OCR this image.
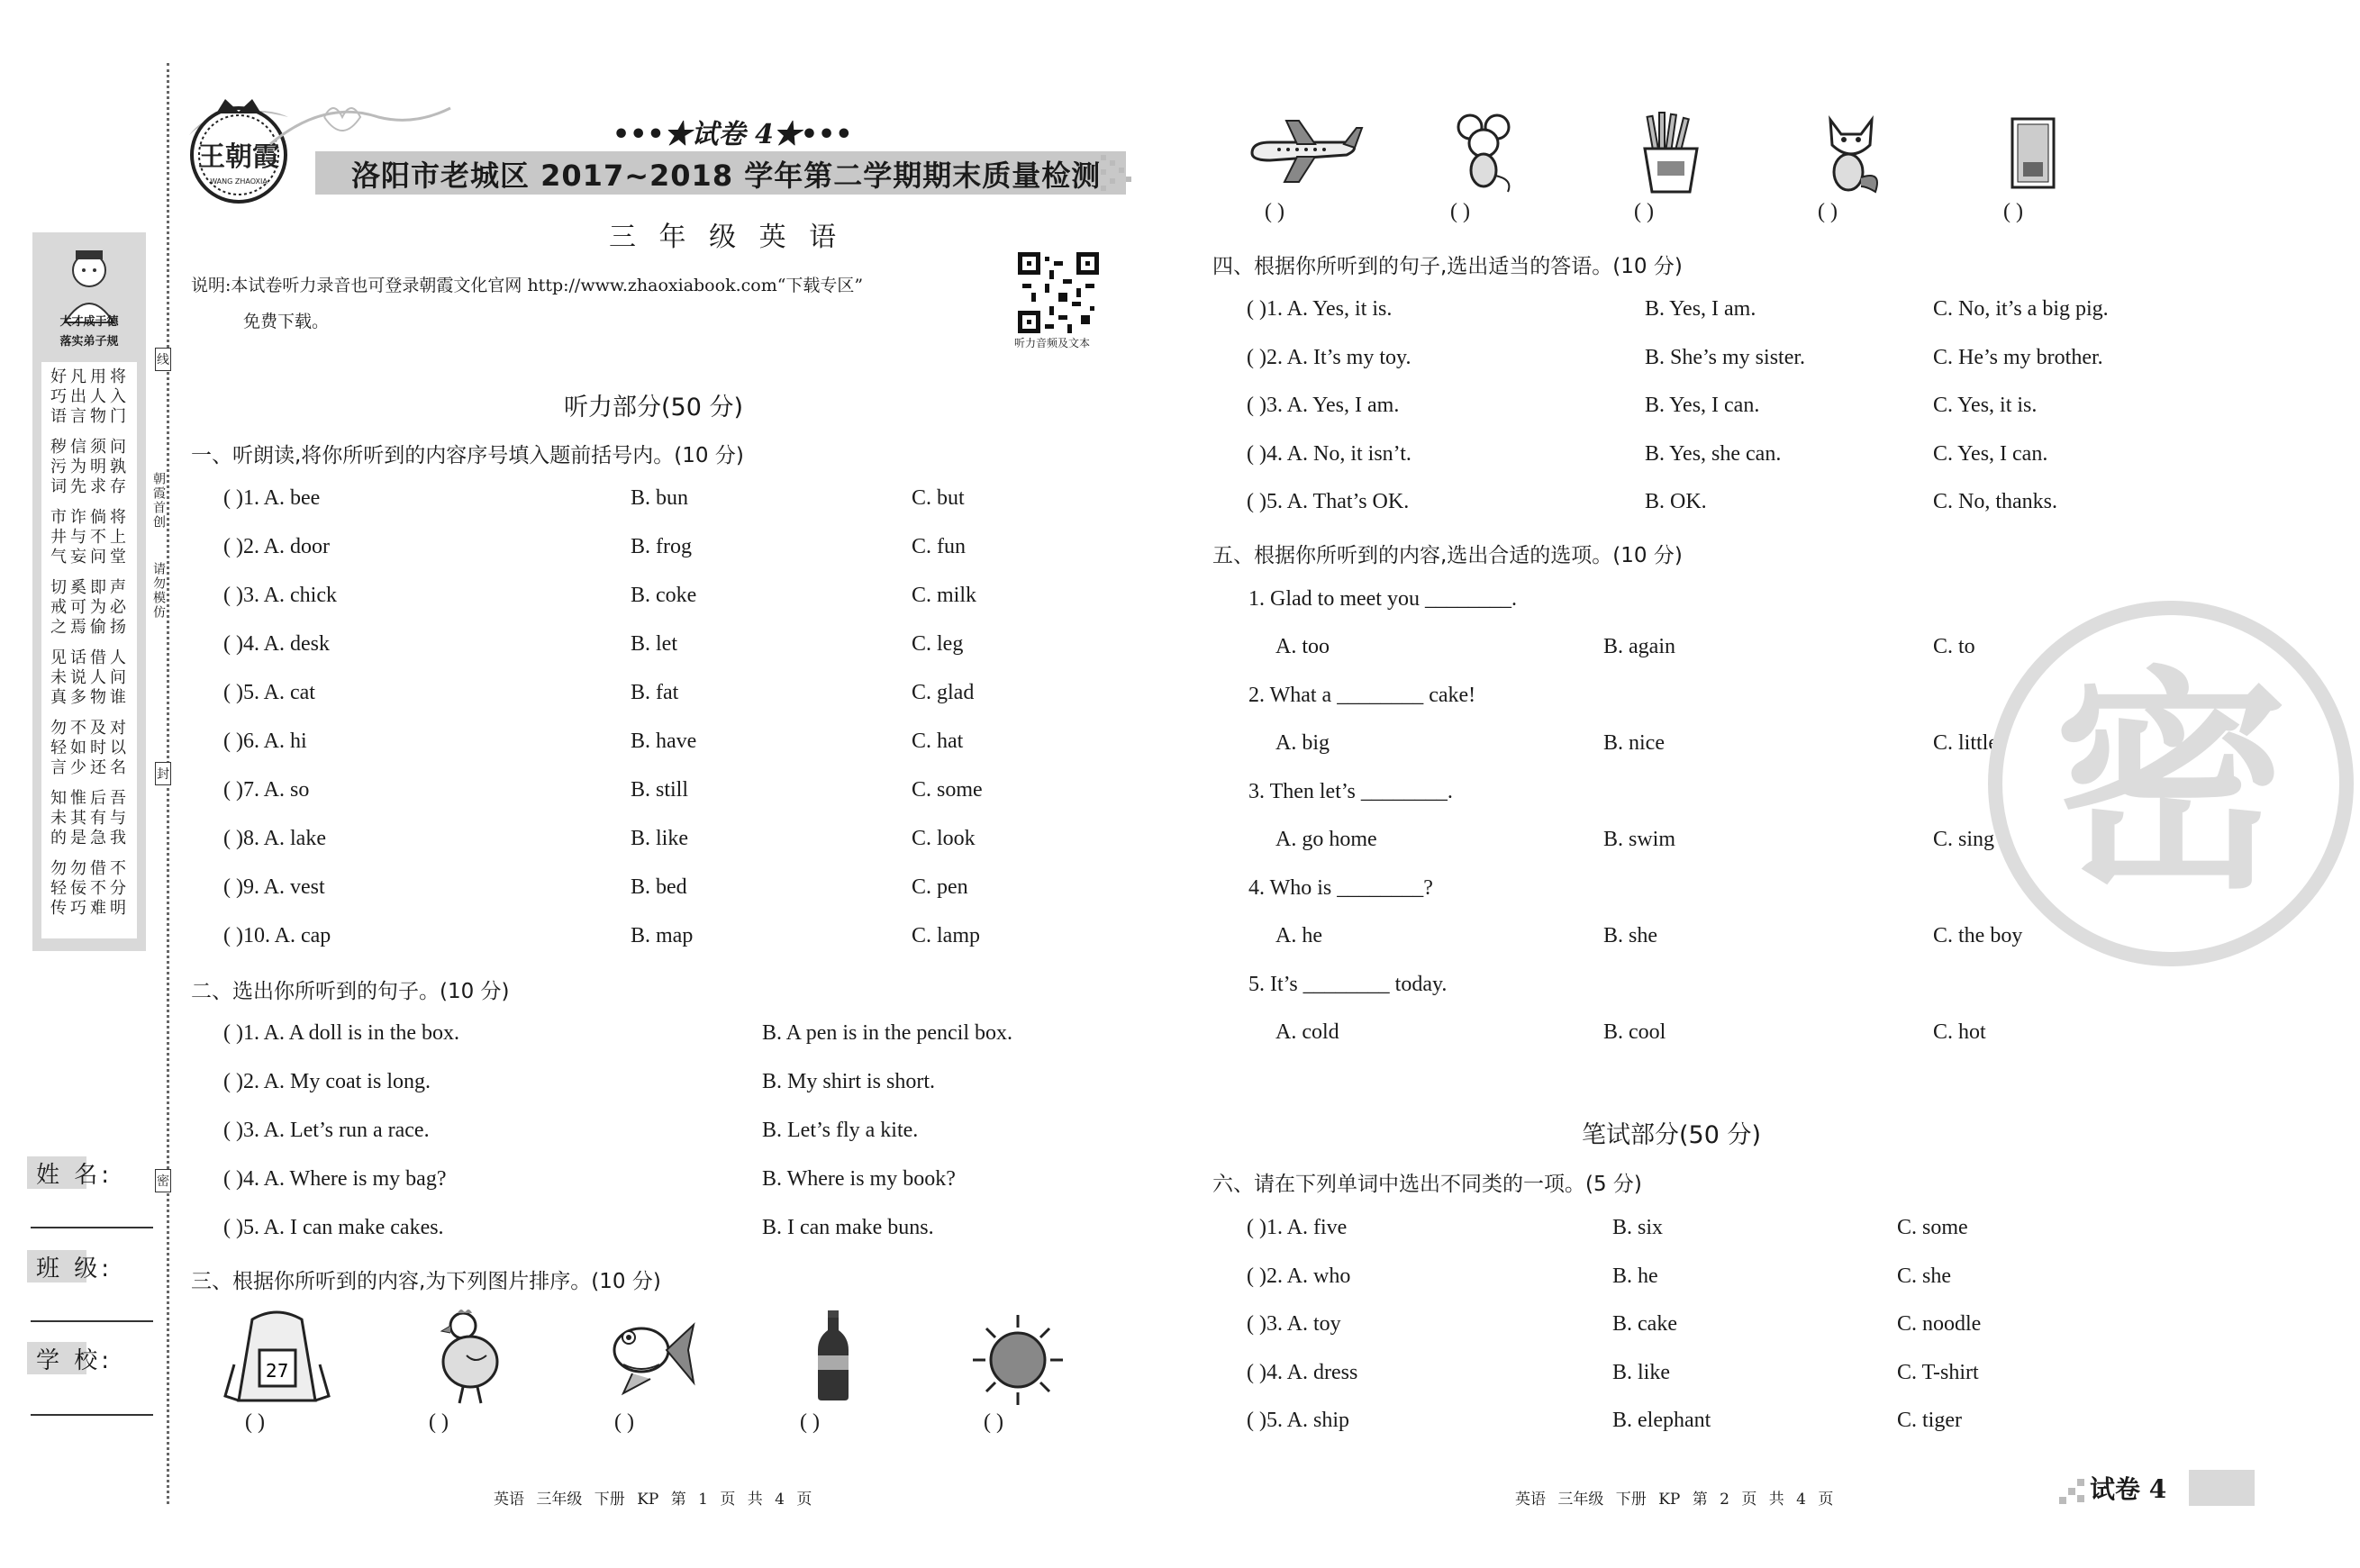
大才成于德
落实弟子规
好 凡 用 将
巧 出 人 入
语 言 物 门
秽 信 须 问
污 为 明 孰
词 先 求 存
市 诈 倘 将
井 与 不 上
气 妄 问 堂
切 奚 即 声
戒 可 为 必
之 焉 偷 扬
见 话 借 人
未 说 人 问
真 多 物 谁
勿 不 及 对
轻 如 时 以
言 少 还 名
知 惟 后 吾
未 其 有 与
的 是 急 我
勿 勿 借 不
轻 佞 不 分
传 巧 难 明
线
朝霞首创
请勿模仿
封
密
姓 名:
班 级:
学 校:
王朝霞
WANG ZHAOXIA
•••★试卷 4★•••
洛阳市老城区 2017~2018 学年第二学期期末质量检测
三 年 级 英 语
说明:本试卷听力录音也可登录朝霞文化官网 http://www.zhaoxiabook.com“下载专区”
免费下载。
听力音频及文本
听力部分(50 分)
一、听朗读,将你所听到的内容序号填入题前括号内。(10 分)
( )1. A. bee	B. bun	C. but
( )2. A. door	B. frog	C. fun
( )3. A. chick	B. coke	C. milk
( )4. A. desk	B. let	C. leg
( )5. A. cat	B. fat	C. glad
( )6. A. hi	B. have	C. hat
( )7. A. so	B. still	C. some
( )8. A. lake	B. like	C. look
( )9. A. vest	B. bed	C. pen
( )10. A. cap	B. map	C. lamp
二、选出你所听到的句子。(10 分)
( )1. A. A doll is in the box.	B. A pen is in the pencil box.
( )2. A. My coat is long.	B. My shirt is short.
( )3. A. Let’s run a race.	B. Let’s fly a kite.
( )4. A. Where is my bag?	B. Where is my book?
( )5. A. I can make cakes.	B. I can make buns.
三、根据你所听到的内容,为下列图片排序。(10 分)
27
( )	( )	( )	( )	( )
英语 三年级 下册 KP 第 1 页 共 4 页
( )	( )	( )	( )	( )
四、根据你所听到的句子,选出适当的答语。(10 分)
( )1. A. Yes, it is.	B. Yes, I am.	C. No, it’s a big pig.
( )2. A. It’s my toy.	B. She’s my sister.	C. He’s my brother.
( )3. A. Yes, I am.	B. Yes, I can.	C. Yes, it is.
( )4. A. No, it isn’t.	B. Yes, she can.	C. Yes, I can.
( )5. A. That’s OK.	B. OK.	C. No, thanks.
五、根据你所听到的内容,选出合适的选项。(10 分)
1. Glad to meet you ________.
A. too	B. again	C. to
2. What a ________ cake!
A. big	B. nice	C. little
3. Then let’s ________.
A. go home	B. swim	C. sing
4. Who is ________?
A. he	B. she	C. the boy
5. It’s ________ today.
A. cold	B. cool	C. hot
密
笔试部分(50 分)
六、请在下列单词中选出不同类的一项。(5 分)
( )1. A. five	B. six	C. some
( )2. A. who	B. he	C. she
( )3. A. toy	B. cake	C. noodle
( )4. A. dress	B. like	C. T-shirt
( )5. A. ship	B. elephant	C. tiger
英语 三年级 下册 KP 第 2 页 共 4 页	试卷 4
